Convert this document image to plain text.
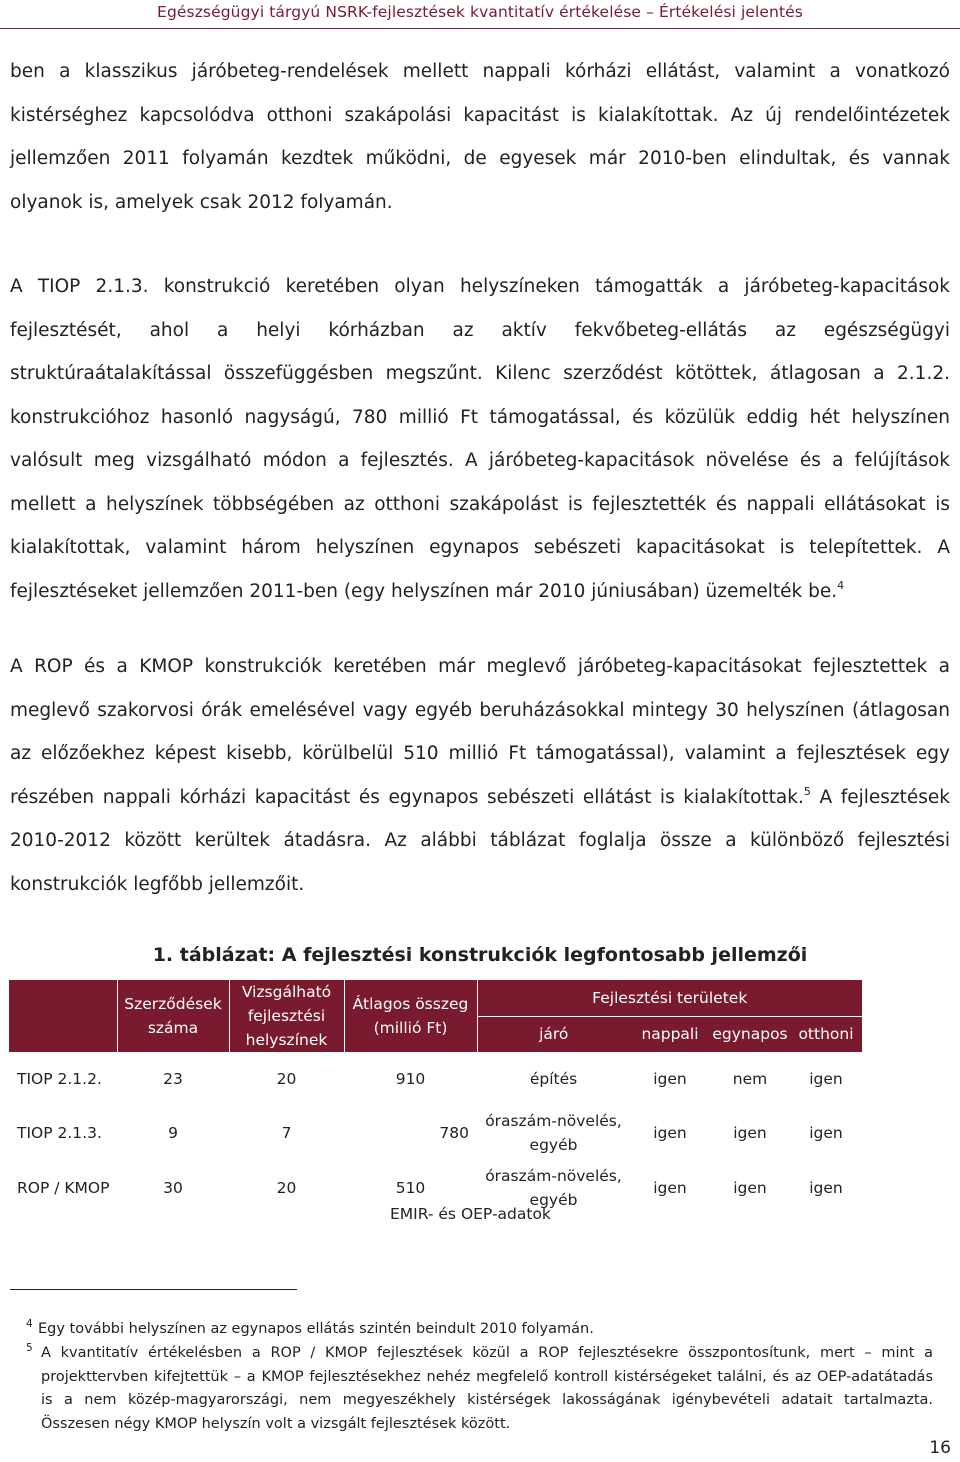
Egészségügyi tárgyú NSRK-fejlesztések kvantitatív értékelése – Értékelési jelentés

ben a klasszikus járóbeteg-rendelések mellett nappali kórházi ellátást, valamint a vonatkozó kistérséghez kapcsolódva otthoni szakápolási kapacitást is kialakítottak. Az új rendelőintézetek jellemzően 2011 folyamán kezdtek működni, de egyesek már 2010-ben elindultak, és vannak olyanok is, amelyek csak 2012 folyamán.

A TIOP 2.1.3. konstrukció keretében olyan helyszíneken támogatták a járóbeteg-kapacitások fejlesztését, ahol a helyi kórházban az aktív fekvőbeteg-ellátás az egészségügyi struktúraátalakítással összefüggésben megszűnt. Kilenc szerződést kötöttek, átlagosan a 2.1.2. konstrukcióhoz hasonló nagyságú, 780 millió Ft támogatással, és közülük eddig hét helyszínen valósult meg vizsgálható módon a fejlesztés. A járóbeteg-kapacitások növelése és a felújítások mellett a helyszínek többségében az otthoni szakápolást is fejlesztették és nappali ellátásokat is kialakítottak, valamint három helyszínen egynapos sebészeti kapacitásokat is telepítettek. A fejlesztéseket jellemzően 2011-ben (egy helyszínen már 2010 júniusában) üzemelték be.$^4$

A ROP és a KMOP konstrukciók keretében már meglevő járóbeteg-kapacitásokat fejlesztettek a meglevő szakorvosi órák emelésével vagy egyéb beruházásokkal mintegy 30 helyszínen (átlagosan az előzőekhez képest kisebb, körülbelül 510 millió Ft támogatással), valamint a fejlesztések egy részében nappali kórházi kapacitást és egynapos sebészeti ellátást is kialakítottak.$^5$ A fejlesztések 2010-2012 között kerültek átadásra. Az alábbi táblázat foglalja össze a különböző fejlesztési konstrukciók legfőbb jellemzőit.

1. táblázat: A fejlesztési konstrukciók legfontosabb jellemzői
	Szerződések száma	Vizsgálható fejlesztési helyszínek	Átlagos összeg (millió Ft)	Fejlesztési területek			
				járó	nappali	egynapos	otthoni
TIOP 2.1.2.	23	20	910	építés	igen	nem	igen
TIOP 2.1.3.	9	7	780	óraszám-növelés, egyéb	igen	igen	igen
ROP / KMOP	30	20	510	óraszám-növelés, egyéb	igen	igen	igen
EMIR- és OEP-adatok
4 Egy további helyszínen az egynapos ellátás szintén beindult 2010 folyamán.
5 A kvantitatív értékelésben a ROP / KMOP fejlesztések közül a ROP fejlesztésekre összpontosítunk, mert – mint a projekttervben kifejtettük – a KMOP fejlesztésekhez nehéz megfelelő kontroll kistérségeket találni, és az OEP-adatátadás is a nem közép-magyarországi, nem megyeszékhely kistérségek lakosságának igénybevételi adatait tartalmazta. Összesen négy KMOP helyszín volt a vizsgált fejlesztések között.
16
